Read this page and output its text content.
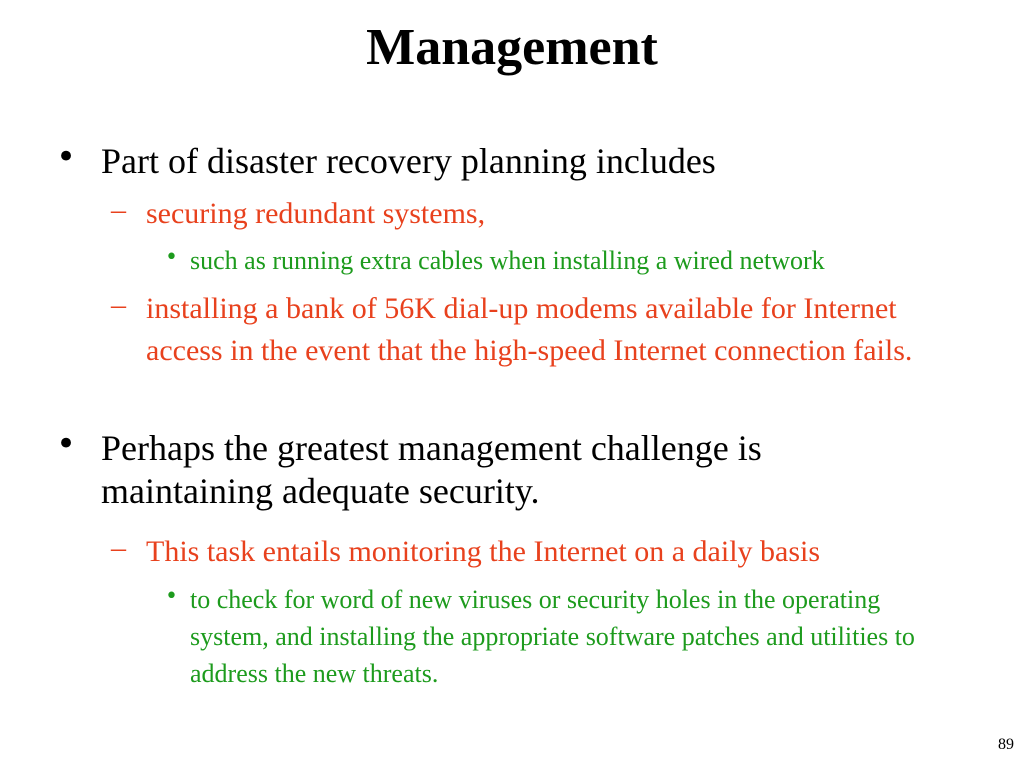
Management
• Part of disaster recovery planning includes
– securing redundant systems,
• such as running extra cables when installing a wired network
– installing a bank of 56K dial-up modems available for Internet access in the event that the high-speed Internet connection fails.
• Perhaps the greatest management challenge is maintaining adequate security.
– This task entails monitoring the Internet on a daily basis
• to check for word of new viruses or security holes in the operating system, and installing the appropriate software patches and utilities to address the new threats.
89
